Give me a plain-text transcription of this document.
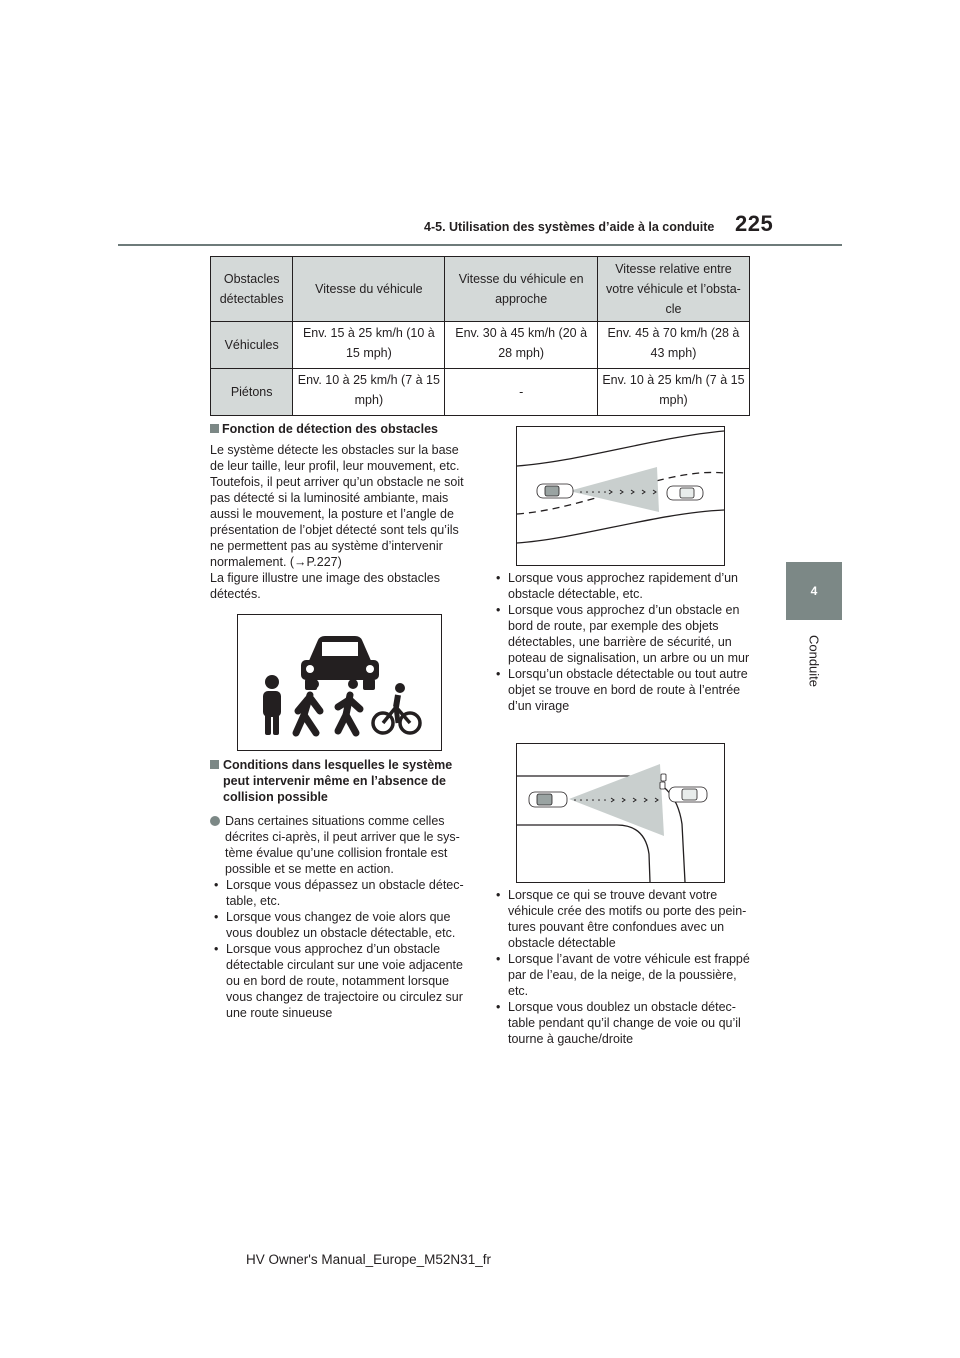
4-5. Utilisation des systèmes d’aide à la conduite 225
4
Conduite
Obstacles détectables	Vitesse du véhicule	Vitesse du véhicule en approche	Vitesse relative entre votre véhicule et l’obsta-cle
Véhicules	Env. 15 à 25 km/h (10 à 15 mph)	Env. 30 à 45 km/h (20 à 28 mph)	Env. 45 à 70 km/h (28 à 43 mph)
Piétons	Env. 10 à 25 km/h (7 à 15 mph)	-	Env. 10 à 25 km/h (7 à 15 mph)
Fonction de détection des obstacles
Le système détecte les obstacles sur la base de leur taille, leur profil, leur mouvement, etc. Toutefois, il peut arriver qu’un obstacle ne soit pas détecté si la luminosité ambiante, mais aussi le mouvement, la posture et l’angle de présentation de l’objet détecté sont tels qu’ils ne permettent pas au système d’intervenir normalement. (→P.227)
La figure illustre une image des obstacles détectés.
Conditions dans lesquelles le système peut intervenir même en l’absence de collision possible
Dans certaines situations comme celles décrites ci-après, il peut arriver que le sys-tème évalue qu’une collision frontale est possible et se mette en action.
• Lorsque vous dépassez un obstacle détec-table, etc.
• Lorsque vous changez de voie alors que vous doublez un obstacle détectable, etc.
• Lorsque vous approchez d’un obstacle détectable circulant sur une voie adjacente ou en bord de route, notamment lorsque vous changez de trajectoire ou circulez sur une route sinueuse
• Lorsque vous approchez rapidement d’un obstacle détectable, etc.
• Lorsque vous approchez d’un obstacle en bord de route, par exemple des objets détectables, une barrière de sécurité, un poteau de signalisation, un arbre ou un mur
• Lorsqu’un obstacle détectable ou tout autre objet se trouve en bord de route à l’entrée d’un virage
• Lorsque ce qui se trouve devant votre véhicule crée des motifs ou porte des pein-tures pouvant être confondues avec un obstacle détectable
• Lorsque l’avant de votre véhicule est frappé par de l’eau, de la neige, de la poussière, etc.
• Lorsque vous doublez un obstacle détec-table pendant qu’il change de voie ou qu’il tourne à gauche/droite
HV Owner's Manual_Europe_M52N31_fr
